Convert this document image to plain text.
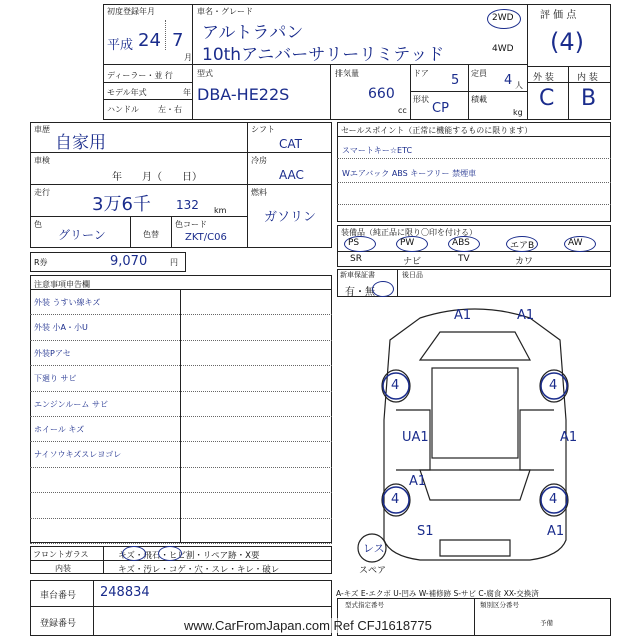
初度登録年月
平成 24 7
月
車名・グレード
アルトラパン
10thアニバーサリーリミテッド
2WD
4WD
評 価 点
(4)
ディーラー・並 行
モデル年式	年
ハンドル 左・右
型式
DBA-HE22S
排気量
660
cc
ドア 5 定員 4 人
形状
CP
積載
kg
外 装	内 装
C B
車歴
自家用
車検
年　　月（　　日）
走行
3万6千 132 km
色
グリーン	色替
色コード
ZKT/C06
シフト
CAT
冷房
AAC
燃料
ガソリン
R券	9,070	円
セールスポイント（正常に機能するものに限ります）
スマートキー☆ETC
Wエアバック ABS キーフリー 禁煙車
装備品（純正品に限り〇印を付ける）
PS	PW	ABS	エアB	AW
SR	ナビ	TV	カワ
新車保証書	後日品
有・無
注意事項申告欄
外装 うすい線キズ
外装 小A・小U
外装Pアセ
下廻り サビ
エンジンルーム サビ
ホイール キズ
ナイソウキズスレヨゴレ
A1	A1
4	4
UA1	A1
A1
4	4
S1	A1
レス
スペア
フロントガラス	キズ・飛石・ヒビ割・リペア跡・X要
内装	キズ・汚レ・コゲ・穴・スレ・キレ・破レ
車台番号 248834
登録番号
A-キズ E-エクボ U-凹み W-補修跡 S-サビ C-腐食 XX-交換済
型式指定番号	類別区分番号
予備
www.CarFromJapan.com Ref CFJ1618775
